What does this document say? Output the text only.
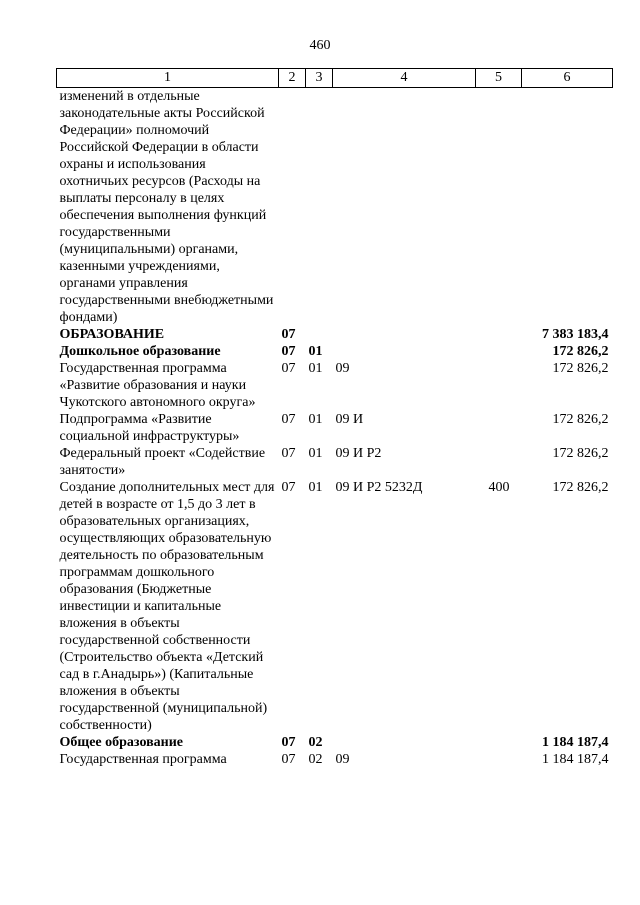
460
1	2	3	4	5	6
изменений в отдельные законодательные акты Российской Федерации» полномочий Российской Федерации в области охраны и использования охотничьих ресурсов (Расходы на выплаты персоналу в целях обеспечения выполнения функций государственными (муниципальными) органами, казенными учреждениями, органами управления государственными внебюджетными фондами)					
ОБРАЗОВАНИЕ	07				7 383 183,4
Дошкольное образование	07	01			172 826,2
Государственная программа «Развитие образования и науки Чукотского автономного округа»	07	01	09		172 826,2
Подпрограмма «Развитие социальной инфраструктуры»	07	01	09 И		172 826,2
Федеральный проект «Содействие занятости»	07	01	09 И Р2		172 826,2
Создание дополнительных мест для детей в возрасте от 1,5 до 3 лет в образовательных организациях, осуществляющих образовательную деятельность по образовательным программам дошкольного образования (Бюджетные инвестиции и капитальные вложения в объекты государственной собственности (Строительство объекта «Детский сад в г.Анадырь») (Капитальные вложения в объекты государственной (муниципальной) собственности)	07	01	09 И Р2 5232Д	400	172 826,2
Общее образование	07	02			1 184 187,4
Государственная программа	07	02	09		1 184 187,4
